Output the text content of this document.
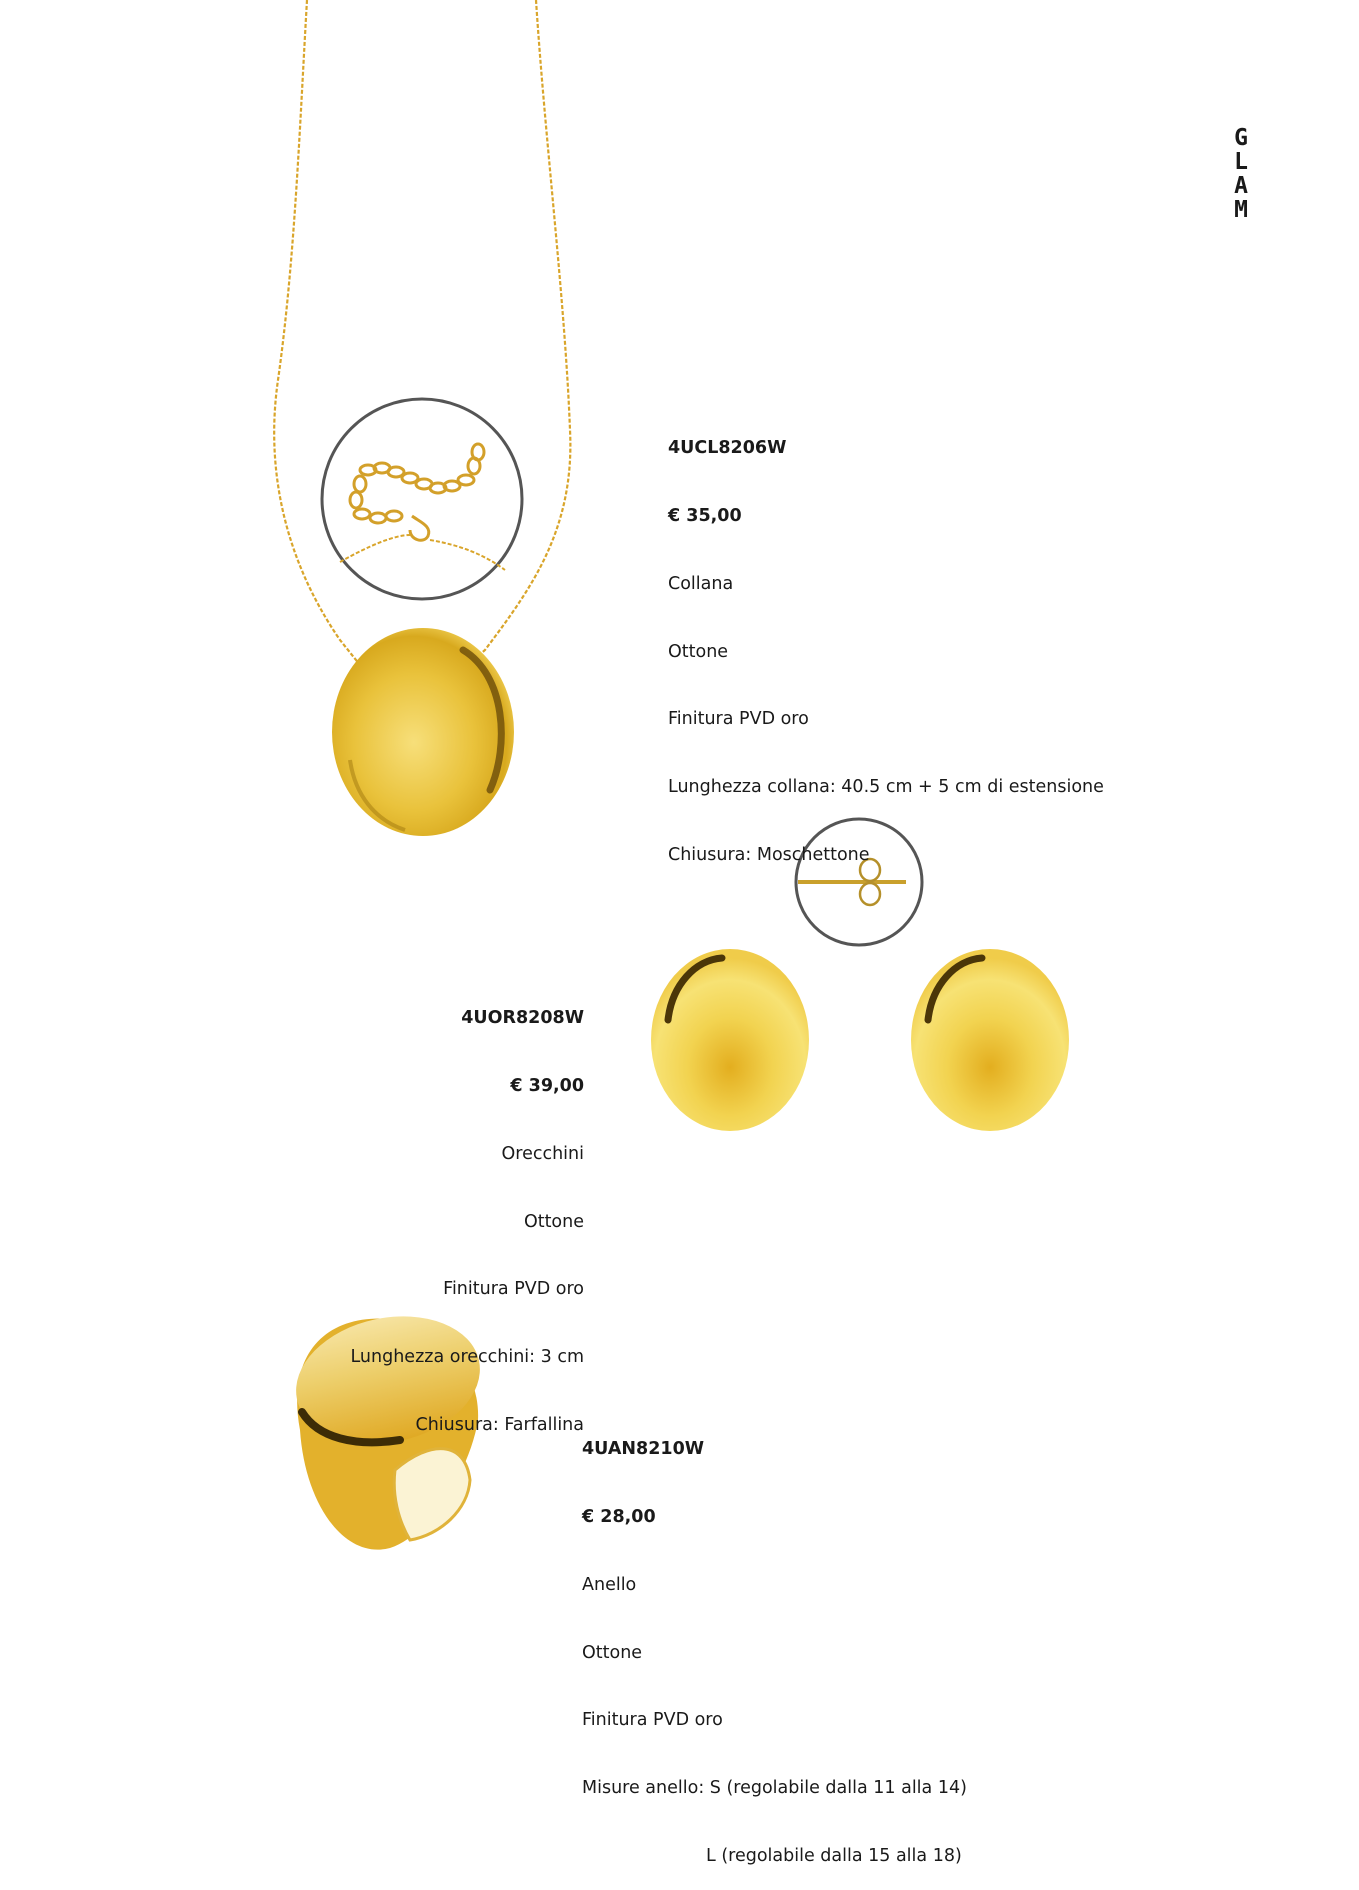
G
L
A
M

4UCL8206W

€ 35,00

Collana

Ottone

Finitura PVD oro

Lunghezza collana: 40.5 cm + 5 cm di estensione

Chiusura: Moschettone

4UOR8208W

€ 39,00

Orecchini

Ottone

Finitura PVD oro

Lunghezza orecchini: 3 cm

Chiusura: Farfallina

4UAN8210W

€ 28,00

Anello

Ottone

Finitura PVD oro

Misure anello: S (regolabile dalla 11 alla 14)

L (regolabile dalla 15 alla 18)
